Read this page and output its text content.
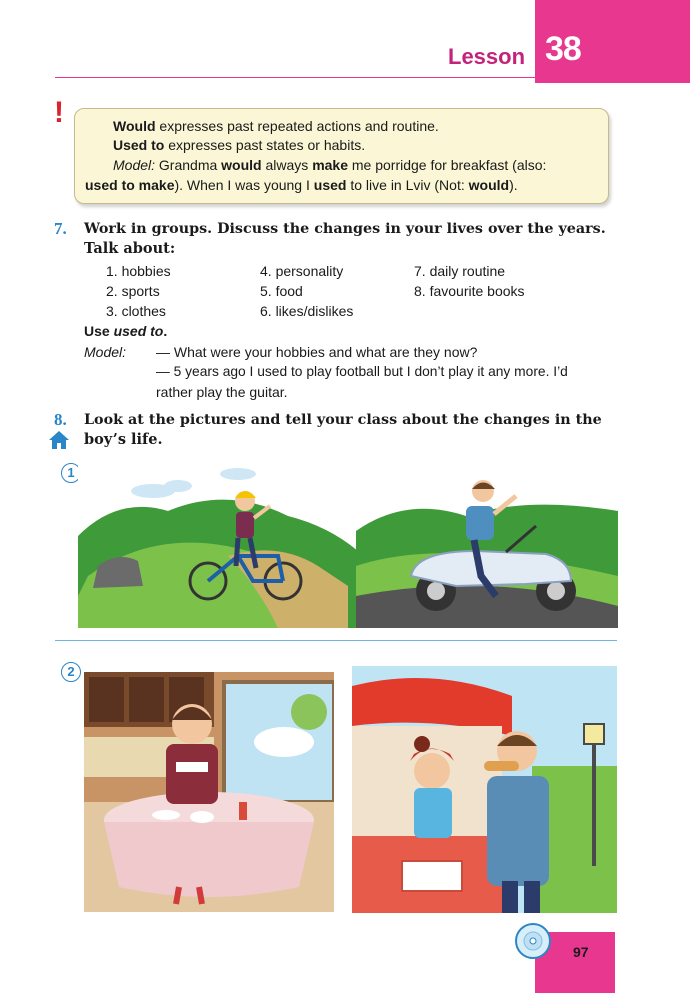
38
Lesson
!	Would expresses past repeated actions and routine.
Used to expresses past states or habits.
Model: Grandma would always make me porridge for breakfast (also:
used to make). When I was young I used to live in Lviv (Not: would).
7. Work in groups. Discuss the changes in your lives over the years.
Talk about:
1. hobbies
2. sports
3. clothes
4. personality
5. food
6. likes/dislikes
7. daily routine
8. favourite books
Use used to.
Model: — What were your hobbies and what are they now?
— 5 years ago I used to play football but I don’t play it any more. I’d
rather play the guitar.
8. Look at the pictures and tell your class about the changes in the
boy’s life.
1
2
97
